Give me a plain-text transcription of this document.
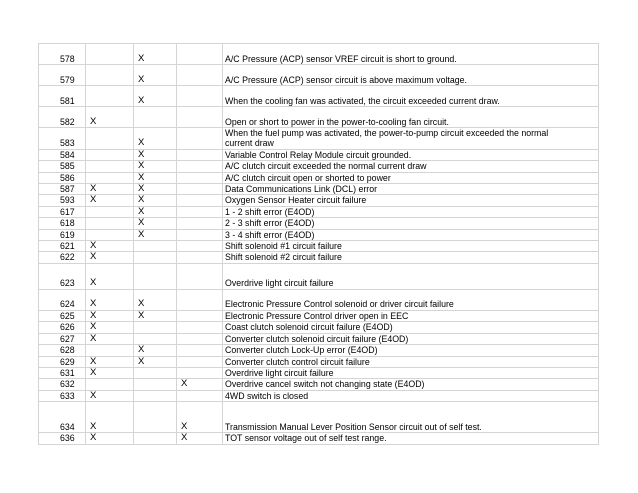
578		X		A/C Pressure (ACP) sensor VREF circuit is short to ground.
579		X		A/C Pressure (ACP) sensor circuit is above maximum voltage.
581		X		When the cooling fan was activated, the circuit exceeded current draw.
582	X			Open or short to power in the power-to-cooling fan circuit.
583		X		When the fuel pump was activated, the power-to-pump circuit exceeded the normal current draw
584		X		Variable Control Relay Module circuit grounded.
585		X		A/C clutch circuit exceeded the normal current draw
586		X		A/C clutch circuit open or shorted to power
587	X	X		Data Communications Link (DCL) error
593	X	X		Oxygen Sensor Heater circuit failure
617		X		1 - 2 shift error (E4OD)
618		X		2 - 3 shift error (E4OD)
619		X		3 - 4 shift error (E4OD)
621	X			Shift solenoid #1 circuit failure
622	X			Shift solenoid #2 circuit failure
623	X			Overdrive light circuit failure
624	X	X		Electronic Pressure Control solenoid or driver circuit failure
625	X	X		Electronic Pressure Control driver open in EEC
626	X			Coast clutch solenoid circuit failure (E4OD)
627	X			Converter clutch solenoid circuit failure (E4OD)
628		X		Converter clutch Lock-Up error (E4OD)
629	X	X		Converter clutch control circuit failure
631	X			Overdrive light circuit failure
632			X	Overdrive cancel switch not changing state (E4OD)
633	X			4WD switch is closed
634	X		X	Transmission Manual Lever Position Sensor circuit out of self test.
636	X		X	TOT sensor voltage out of self test range.
